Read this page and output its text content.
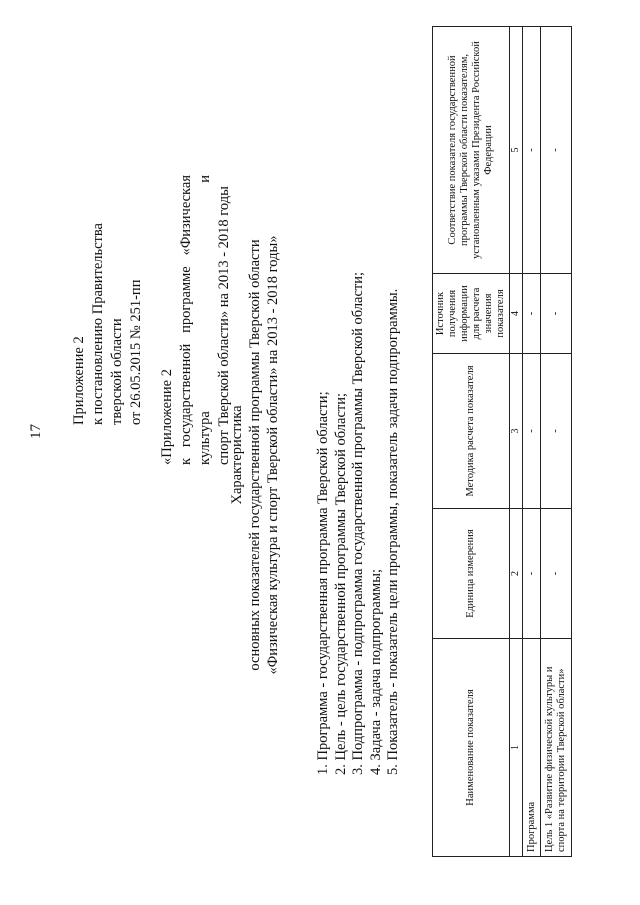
17
Приложение 2 к постановлению Правительства тверской области от 26.05.2015 № 251-пп «Приложение 2 к государственной программе «Физическая культура и спорт Тверской области» на 2013 - 2018 годы
Характеристика основных показателей государственной программы Тверской области «Физическая культура и спорт Тверской области» на 2013 - 2018 годы» 1. Программа - государственная программа Тверской области; 2. Цель - цель государственной программы Тверской области; 3. Подпрограмма - подпрограмма государственной программы Тверской области; 4. Задача - задача подпрограммы; 5. Показатель - показатель цели программы, показатель задачи подпрограммы.	Наименование показателя	Единица измерения	Методика расчета показателя	Источник получения информации для расчета значения показателя	Соответствие показателя государственной программы Тверской области показателям, установленным указами Президента Российской Федерации
1	2	3	4	5
Программа	-	-	-	-
Цель 1 «Развитие физической культуры и спорта на территории Тверской области»	-	-	-	-
